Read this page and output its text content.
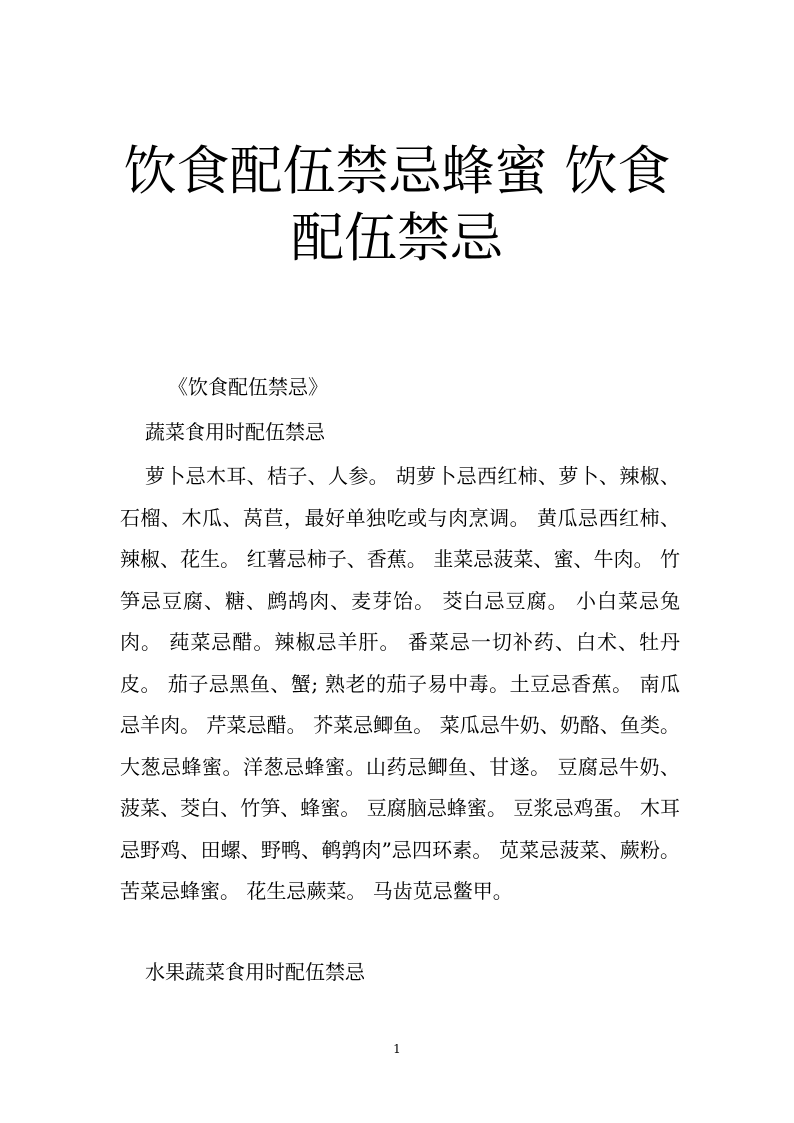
饮食配伍禁忌蜂蜜 饮食配伍禁忌

《饮食配伍禁忌》

蔬菜食用时配伍禁忌

萝卜忌木耳、桔子、人参。 胡萝卜忌西红柿、萝卜、辣椒、石榴、木瓜、莴苣，最好单独吃或与肉烹调。 黄瓜忌西红柿、辣椒、花生。 红薯忌柿子、香蕉。 韭菜忌菠菜、蜜、牛肉。 竹笋忌豆腐、糖、鹧鸪肉、麦芽饴。 茭白忌豆腐。 小白菜忌兔肉。 莼菜忌醋。辣椒忌羊肝。 番菜忌一切补药、白术、牡丹皮。 茄子忌黑鱼、蟹; 熟老的茄子易中毒。土豆忌香蕉。 南瓜忌羊肉。 芹菜忌醋。 芥菜忌鲫鱼。 菜瓜忌牛奶、奶酪、鱼类。 大葱忌蜂蜜。洋葱忌蜂蜜。山药忌鲫鱼、甘遂。 豆腐忌牛奶、菠菜、茭白、竹笋、蜂蜜。 豆腐脑忌蜂蜜。 豆浆忌鸡蛋。 木耳忌野鸡、田螺、野鸭、鹌鹑肉”忌四环素。 苋菜忌菠菜、蕨粉。 苦菜忌蜂蜜。 花生忌蕨菜。 马齿苋忌鳖甲。

水果蔬菜食用时配伍禁忌

1
